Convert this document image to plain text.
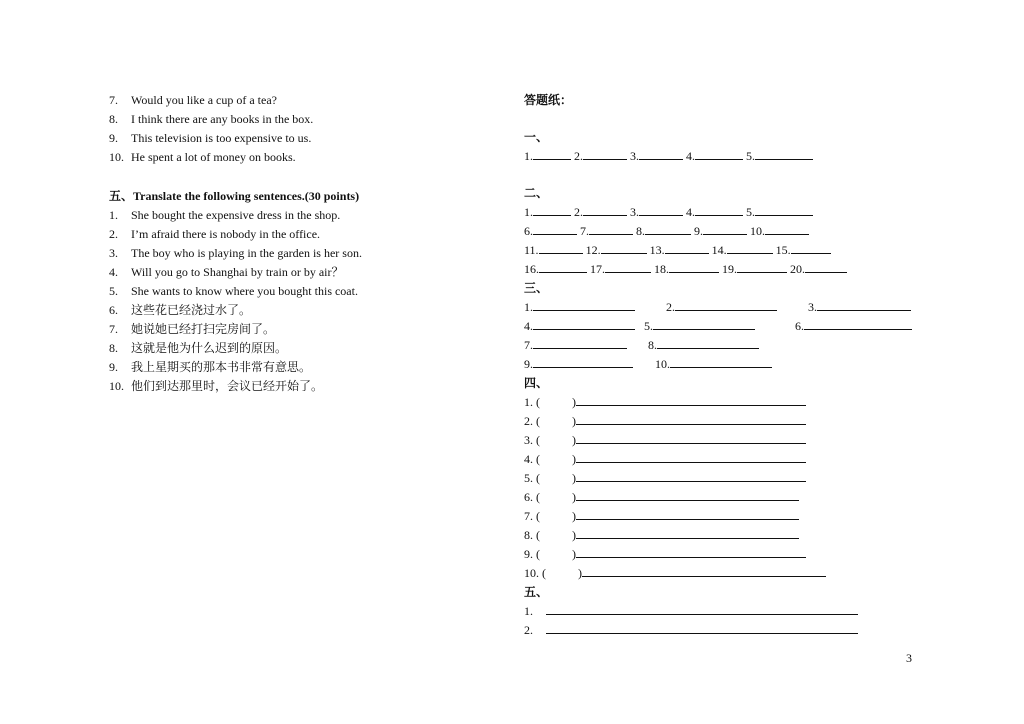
7. Would you like a cup of a tea?
8. I think there are any books in the box.
9. This television is too expensive to us.
10. He spent a lot of money on books.
五、Translate the following sentences.(30 points)
1. She bought the expensive dress in the shop.
2. I’m afraid there is nobody in the office.
3. The boy who is playing in the garden is her son.
4. Will you go to Shanghai by train or by air？
5. She wants to know where you bought this coat.
6. 这些花已经浇过水了。
7. 她说她已经打扫完房间了。
8. 这就是他为什么迟到的原因。
9. 我上星期买的那本书非常有意思。
10. 他们到达那里时，会议已经开始了。
答题纸：
一、
1.	2.	3.	4.	5.
二、
1.	2.	3.	4.	5.
6.	7.	8.	9.	10.
11.	12.	13.	14.	15.
16.	17.	18.	19.	20.
三、
1.	2.	3.
4.	5.	6.
7.	8.
9.	10.
四、
1. (	)
2. (	)
3. (	)
4. (	)
5. (	)
6. (	)
7. (	)
8. (	)
9. (	)
10. (	)
五、
1.
2.
3
